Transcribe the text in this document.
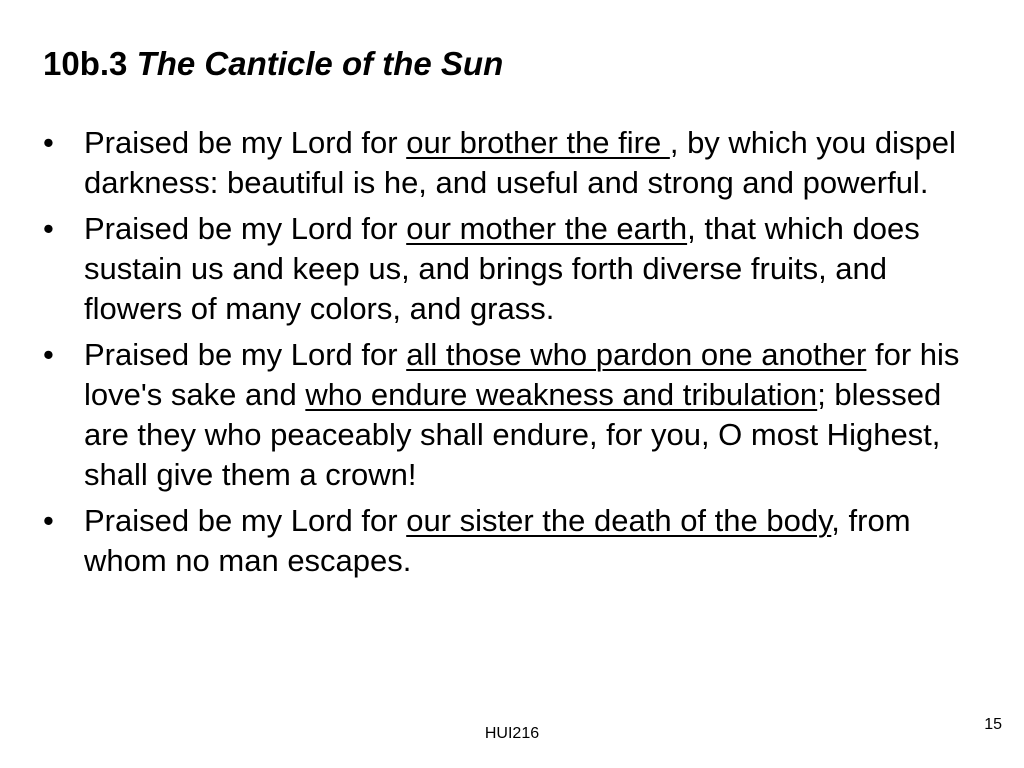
10b.3 The Canticle of the Sun
• Praised be my Lord for our brother the fire , by which you dispel darkness: beautiful is he, and useful and strong and powerful.
• Praised be my Lord for our mother the earth, that which does sustain us and keep us, and brings forth diverse fruits, and flowers of many colors, and grass.
• Praised be my Lord for all those who pardon one another for his love's sake and who endure weakness and tribulation; blessed are they who peaceably shall endure, for you, O most Highest, shall give them a crown!
• Praised be my Lord for our sister the death of the body, from whom no man escapes.
HUI216
15
